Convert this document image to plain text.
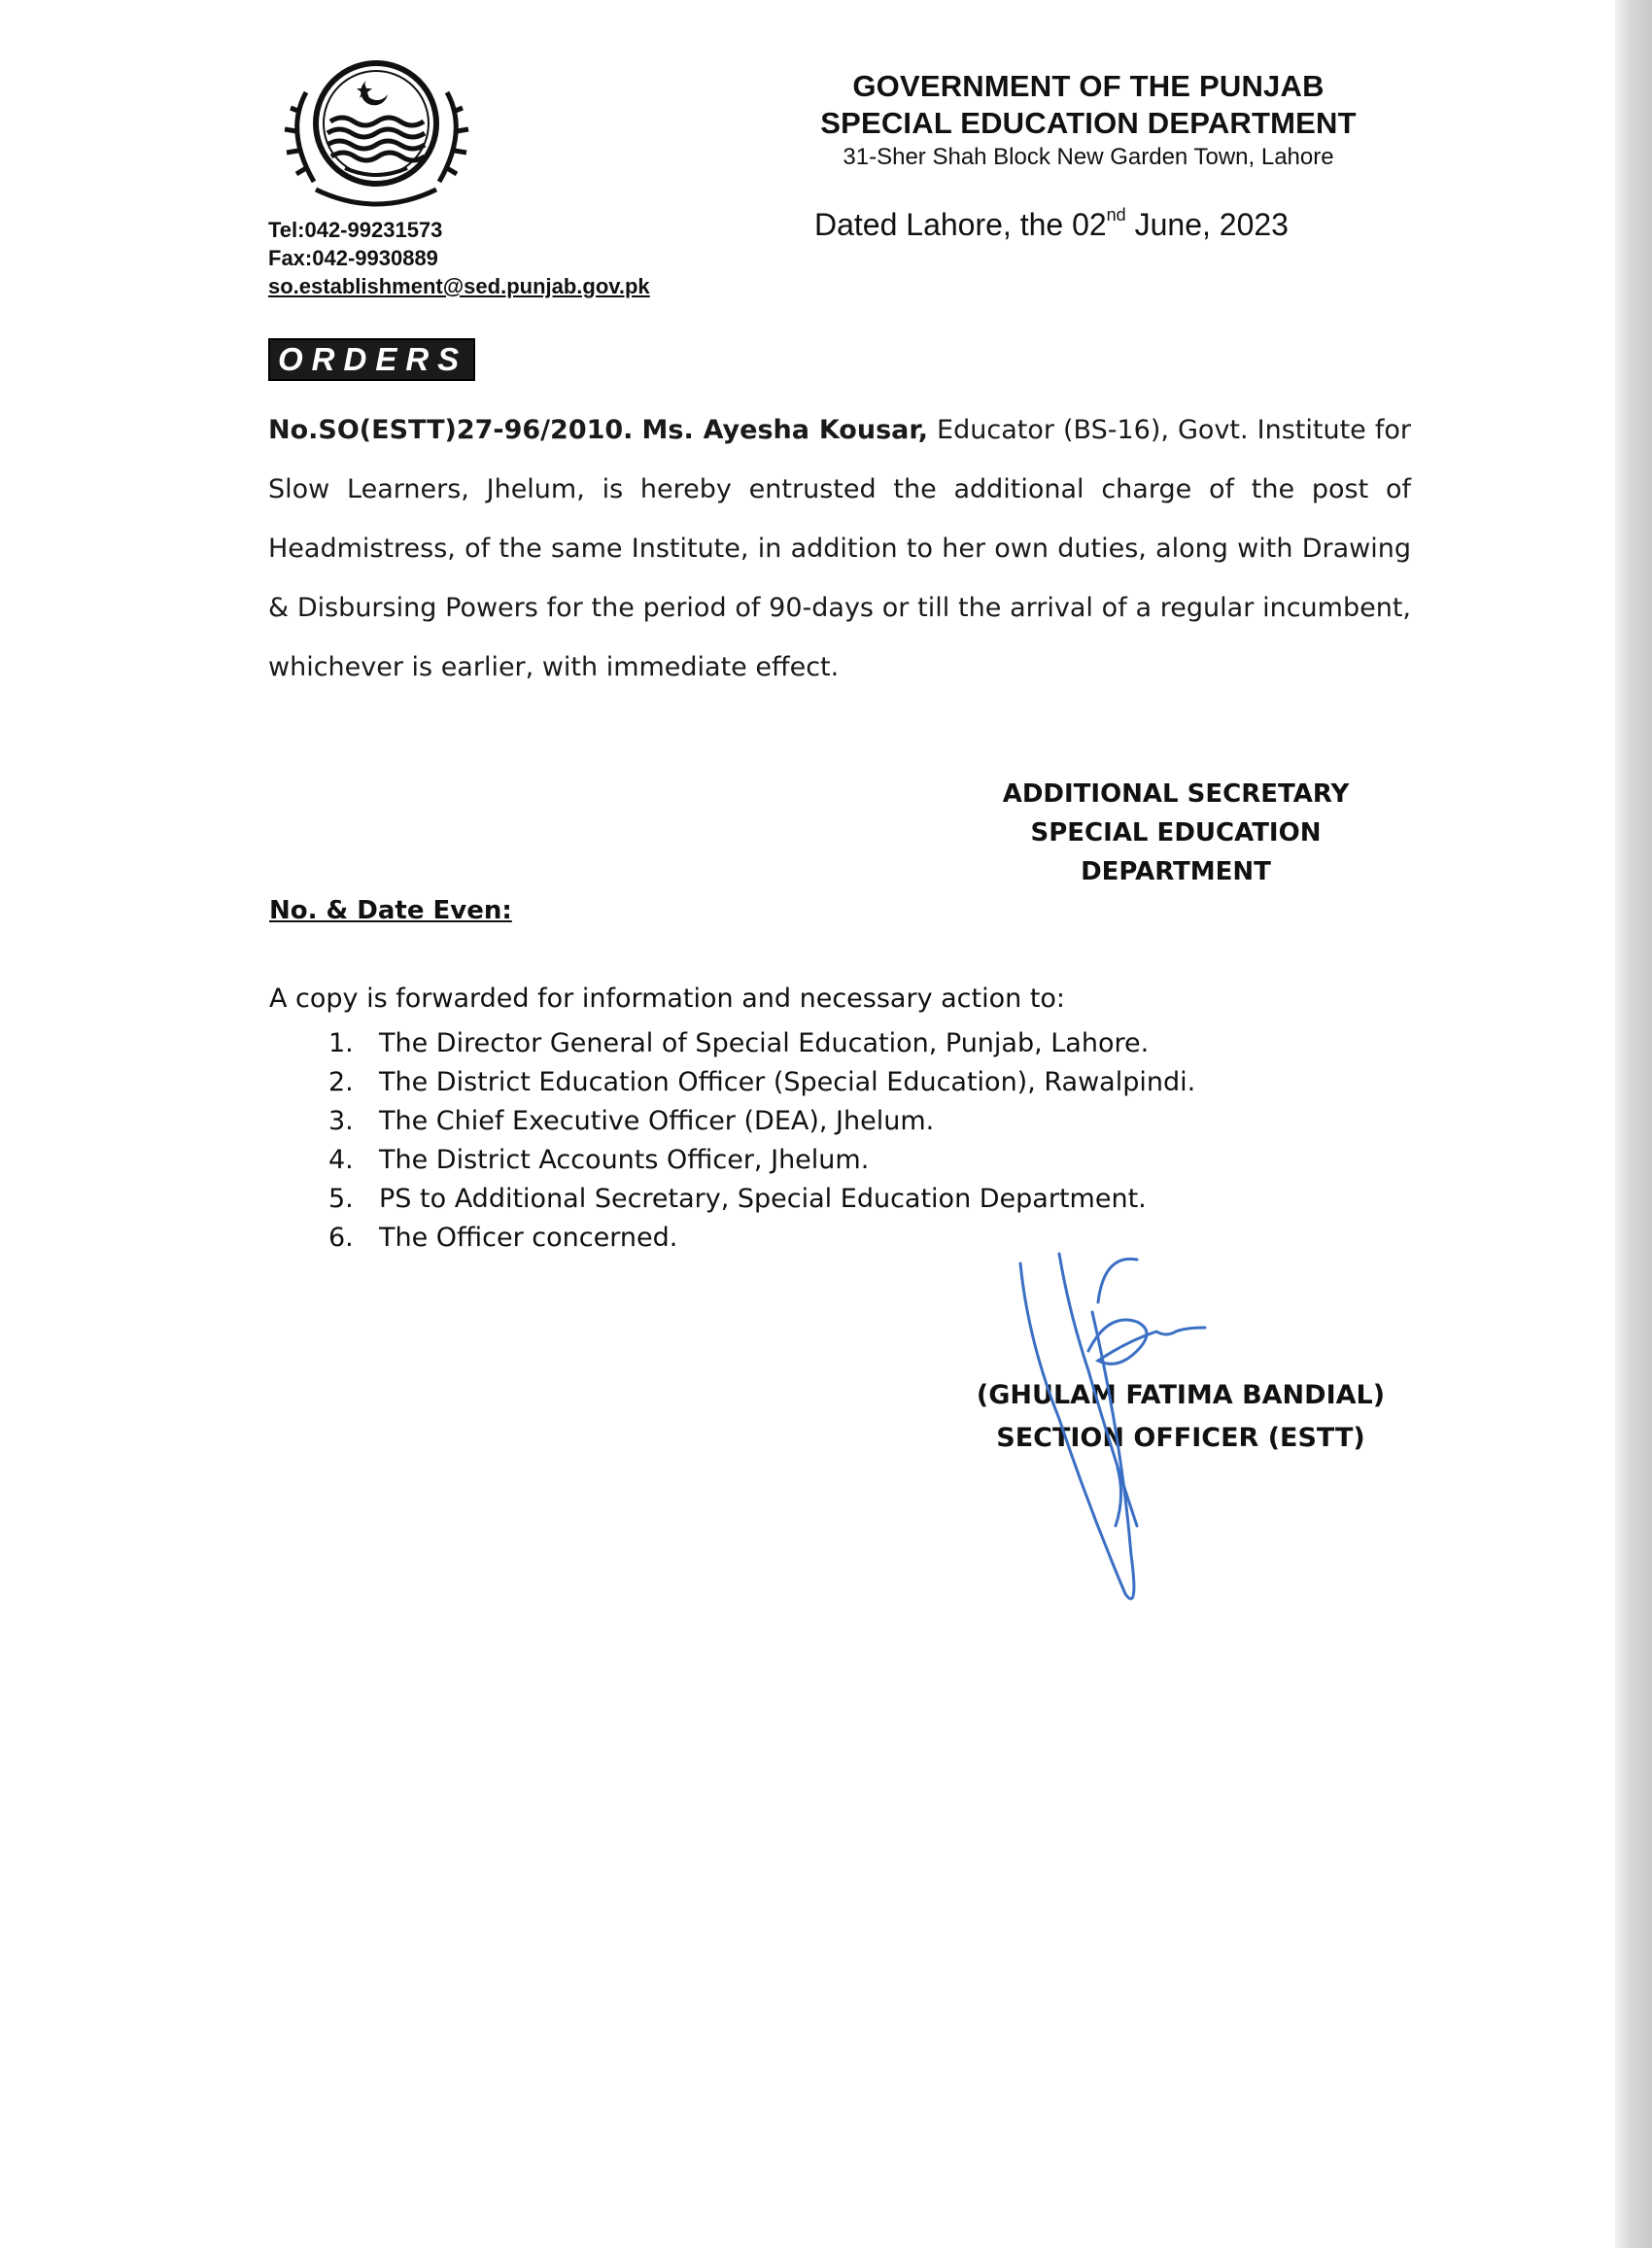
Tel:042-99231573
Fax:042-9930889
so.establishment@sed.punjab.gov.pk
GOVERNMENT OF THE PUNJAB
SPECIAL EDUCATION DEPARTMENT
31-Sher Shah Block New Garden Town, Lahore
Dated Lahore, the 02nd June, 2023
ORDERS
No.SO(ESTT)27-96/2010. Ms. Ayesha Kousar, Educator (BS-16), Govt. Institute for Slow Learners, Jhelum, is hereby entrusted the additional charge of the post of Headmistress, of the same Institute, in addition to her own duties, along with Drawing & Disbursing Powers for the period of 90-days or till the arrival of a regular incumbent, whichever is earlier, with immediate effect.
ADDITIONAL SECRETARY
SPECIAL EDUCATION
DEPARTMENT
No. & Date Even:
A copy is forwarded for information and necessary action to:
1. The Director General of Special Education, Punjab, Lahore.
2. The District Education Officer (Special Education), Rawalpindi.
3. The Chief Executive Officer (DEA), Jhelum.
4. The District Accounts Officer, Jhelum.
5. PS to Additional Secretary, Special Education Department.
6. The Officer concerned.
(GHULAM FATIMA BANDIAL)
SECTION OFFICER (ESTT)
